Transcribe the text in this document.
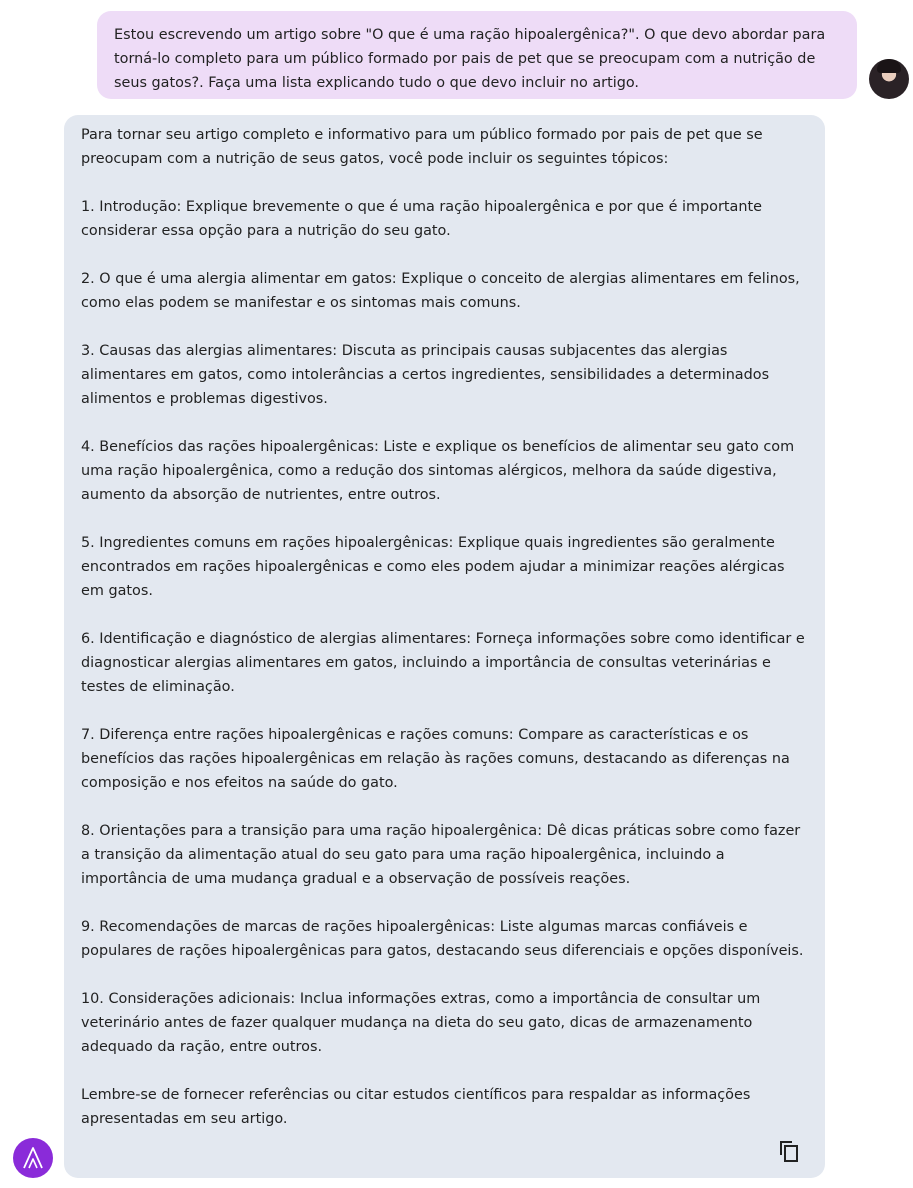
Estou escrevendo um artigo sobre "O que é uma ração hipoalergênica?". O que devo abordar para torná-lo completo para um público formado por pais de pet que se preocupam com a nutrição de seus gatos?. Faça uma lista explicando tudo o que devo incluir no artigo.

Para tornar seu artigo completo e informativo para um público formado por pais de pet que se preocupam com a nutrição de seus gatos, você pode incluir os seguintes tópicos:

1. Introdução: Explique brevemente o que é uma ração hipoalergênica e por que é importante considerar essa opção para a nutrição do seu gato.

2. O que é uma alergia alimentar em gatos: Explique o conceito de alergias alimentares em felinos, como elas podem se manifestar e os sintomas mais comuns.

3. Causas das alergias alimentares: Discuta as principais causas subjacentes das alergias alimentares em gatos, como intolerâncias a certos ingredientes, sensibilidades a determinados alimentos e problemas digestivos.

4. Benefícios das rações hipoalergênicas: Liste e explique os benefícios de alimentar seu gato com uma ração hipoalergênica, como a redução dos sintomas alérgicos, melhora da saúde digestiva, aumento da absorção de nutrientes, entre outros.

5. Ingredientes comuns em rações hipoalergênicas: Explique quais ingredientes são geralmente encontrados em rações hipoalergênicas e como eles podem ajudar a minimizar reações alérgicas em gatos.

6. Identificação e diagnóstico de alergias alimentares: Forneça informações sobre como identificar e diagnosticar alergias alimentares em gatos, incluindo a importância de consultas veterinárias e testes de eliminação.

7. Diferença entre rações hipoalergênicas e rações comuns: Compare as características e os benefícios das rações hipoalergênicas em relação às rações comuns, destacando as diferenças na composição e nos efeitos na saúde do gato.

8. Orientações para a transição para uma ração hipoalergênica: Dê dicas práticas sobre como fazer a transição da alimentação atual do seu gato para uma ração hipoalergênica, incluindo a importância de uma mudança gradual e a observação de possíveis reações.

9. Recomendações de marcas de rações hipoalergênicas: Liste algumas marcas confiáveis e populares de rações hipoalergênicas para gatos, destacando seus diferenciais e opções disponíveis.

10. Considerações adicionais: Inclua informações extras, como a importância de consultar um veterinário antes de fazer qualquer mudança na dieta do seu gato, dicas de armazenamento adequado da ração, entre outros.

Lembre-se de fornecer referências ou citar estudos científicos para respaldar as informações apresentadas em seu artigo.
